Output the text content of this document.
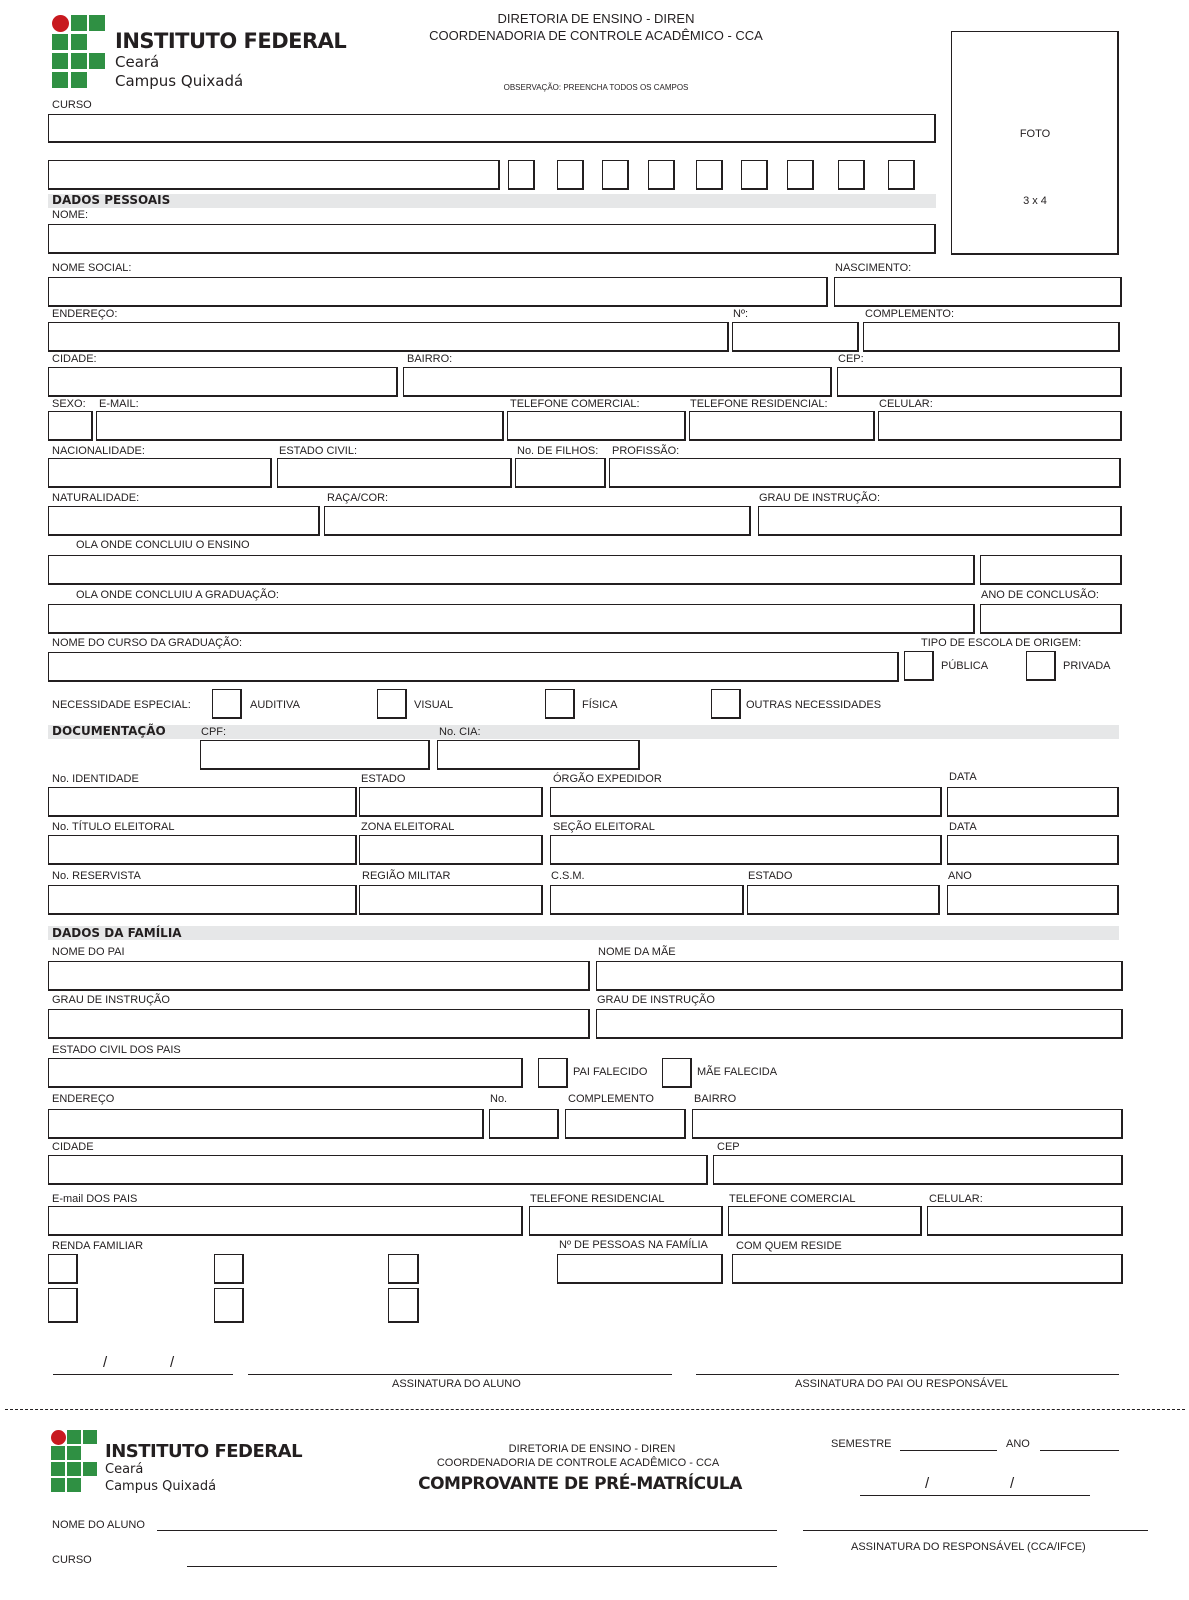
INSTITUTO FEDERAL
Ceará
Campus Quixadá
DIRETORIA DE ENSINO - DIREN
COORDENADORIA DE CONTROLE ACADÊMICO - CCA
OBSERVAÇÃO: PREENCHA TODOS OS CAMPOS
FOTO
3 x 4
CURSO
DADOS PESSOAIS
NOME:
NOME SOCIAL:	NASCIMENTO:
ENDEREÇO:	Nº:	COMPLEMENTO:
CIDADE:	BAIRRO:	CEP:
SEXO: E-MAIL:	TELEFONE COMERCIAL:	TELEFONE RESIDENCIAL:	CELULAR:
NACIONALIDADE:	ESTADO CIVIL:	No. DE FILHOS: PROFISSÃO:
NATURALIDADE:	RAÇA/COR:	GRAU DE INSTRUÇÃO:
OLA ONDE CONCLUIU O ENSINO
OLA ONDE CONCLUIU A GRADUAÇÃO:	ANO DE CONCLUSÃO:
NOME DO CURSO DA GRADUAÇÃO:	TIPO DE ESCOLA DE ORIGEM:
PÚBLICA	PRIVADA
NECESSIDADE ESPECIAL:	AUDITIVA	VISUAL	FÍSICA	OUTRAS NECESSIDADES
DOCUMENTAÇÃO	CPF:	No. CIA:
No. IDENTIDADE	ESTADO	ÓRGÃO EXPEDIDOR	DATA
No. TÍTULO ELEITORAL	ZONA ELEITORAL	SEÇÃO ELEITORAL	DATA
No. RESERVISTA	REGIÃO MILITAR	C.S.M.	ESTADO	ANO
DADOS DA FAMÍLIA
NOME DO PAI	NOME DA MÃE
GRAU DE INSTRUÇÃO	GRAU DE INSTRUÇÃO
ESTADO CIVIL DOS PAIS
PAI FALECIDO	MÃE FALECIDA
ENDEREÇO	No.	COMPLEMENTO	BAIRRO
CIDADE	CEP
E-mail DOS PAIS	TELEFONE RESIDENCIAL	TELEFONE COMERCIAL	CELULAR:
RENDA FAMILIAR	Nº DE PESSOAS NA FAMÍLIA	COM QUEM RESIDE
ASSINATURA DO ALUNO	ASSINATURA DO PAI OU RESPONSÁVEL
/	/
INSTITUTO FEDERAL
Ceará
Campus Quixadá
DIRETORIA DE ENSINO - DIREN
COORDENADORIA DE CONTROLE ACADÊMICO - CCA
COMPROVANTE DE PRÉ-MATRÍCULA
SEMESTRE	ANO
/	/
NOME DO ALUNO
ASSINATURA DO RESPONSÁVEL (CCA/IFCE)
CURSO
